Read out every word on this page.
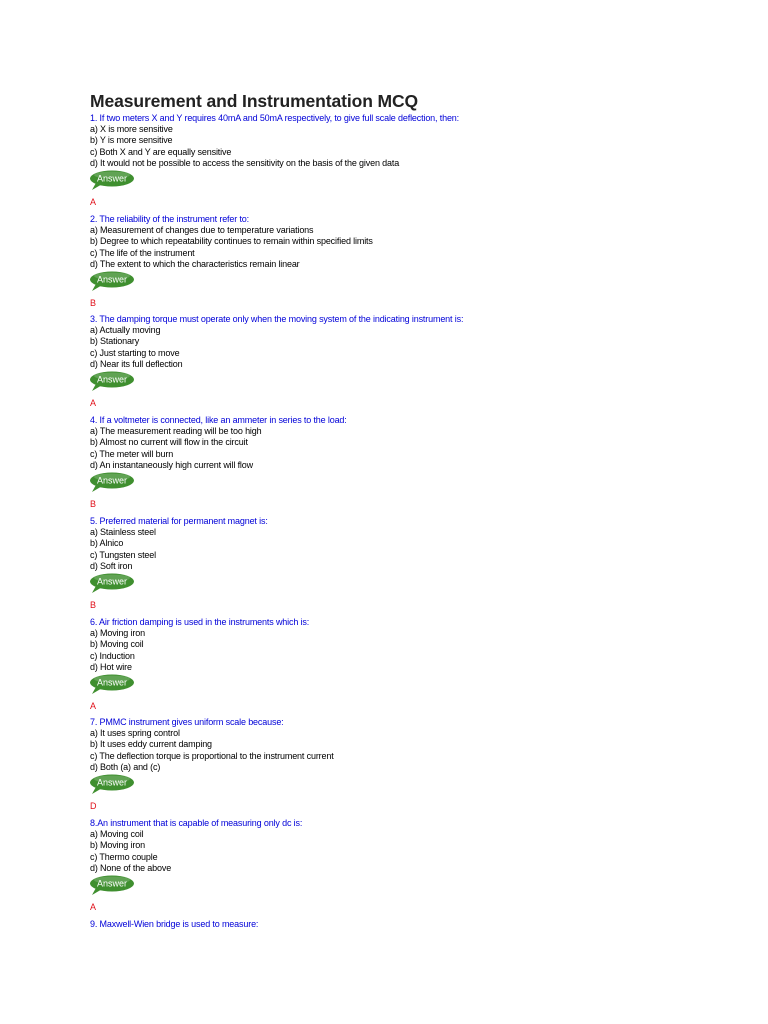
Measurement and Instrumentation MCQ
1. If two meters X and Y requires 40mA and 50mA respectively, to give full scale deflection, then:
a) X is more sensitive
b) Y is more sensitive
c) Both X and Y are equally sensitive
d) It would not be possible to access the sensitivity on the basis of the given data
Answer
A
2. The reliability of the instrument refer to:
a) Measurement of changes due to temperature variations
b) Degree to which repeatability continues to remain within specified limits
c) The life of the instrument
d) The extent to which the characteristics remain linear
Answer
B
3. The damping torque must operate only when the moving system of the indicating instrument is:
a) Actually moving
b) Stationary
c) Just starting to move
d) Near its full deflection
Answer
A
4. If a voltmeter is connected, like an ammeter in series to the load:
a) The measurement reading will be too high
b) Almost no current will flow in the circuit
c) The meter will burn
d) An instantaneously high current will flow
Answer
B
5. Preferred material for permanent magnet is:
a) Stainless steel
b) Alnico
c) Tungsten steel
d) Soft iron
Answer
B
6. Air friction damping is used in the instruments which is:
a) Moving iron
b) Moving coil
c) Induction
d) Hot wire
Answer
A
7. PMMC instrument gives uniform scale because:
a) It uses spring control
b) It uses eddy current damping
c) The deflection torque is proportional to the instrument current
d) Both (a) and (c)
Answer
D
8.An instrument that is capable of measuring only dc is:
a) Moving coil
b) Moving iron
c) Thermo couple
d) None of the above
Answer
A
9. Maxwell-Wien bridge is used to measure:
